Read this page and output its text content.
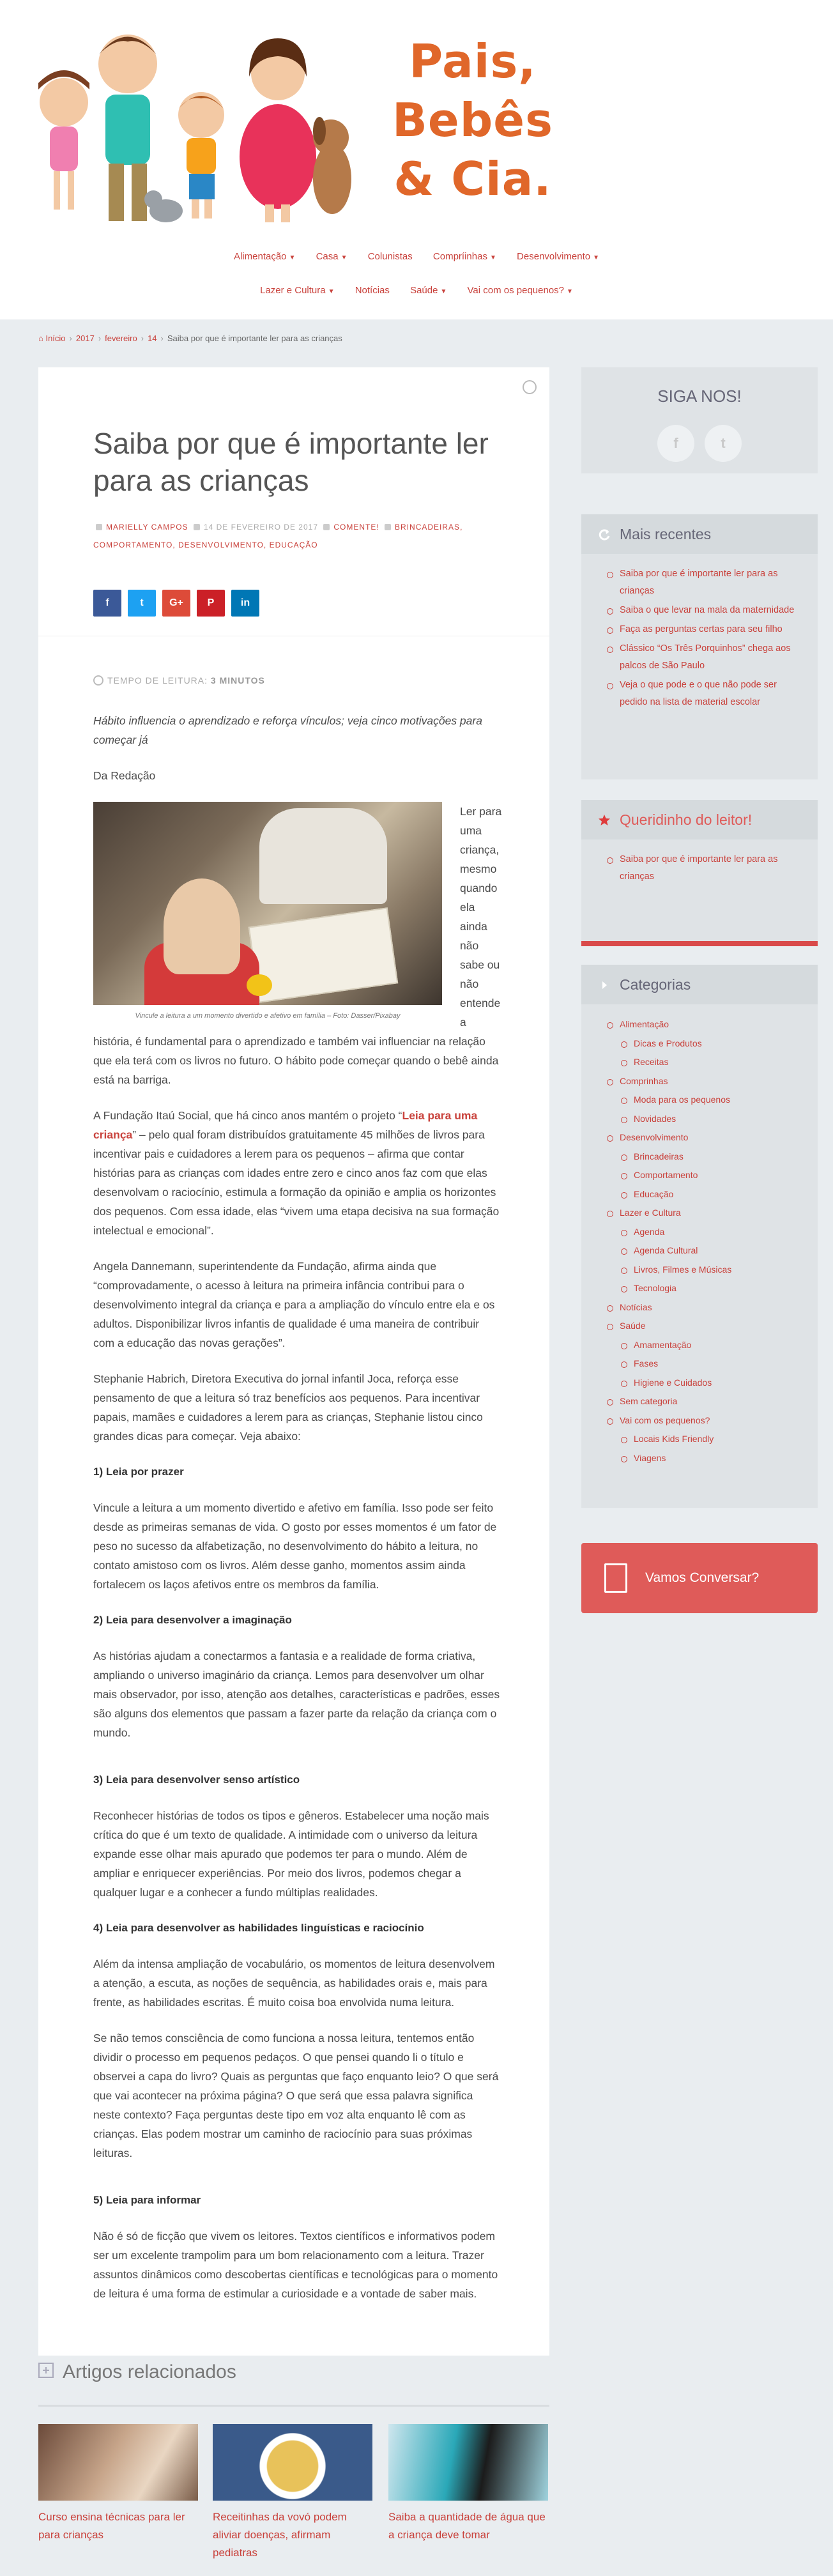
Pais, Bebês & Cia.
Alimentação ▼ Casa ▼ Colunistas Compríinhas ▼ Desenvolvimento ▼
Lazer e Cultura ▼ Notícias Saúde ▼ Vai com os pequenos? ▼
⌂ Início › 2017 › fevereiro › 14 › Saiba por que é importante ler para as crianças
Saiba por que é importante ler para as crianças
MARIELLY CAMPOS 14 DE FEVEREIRO DE 2017 COMENTE! BRINCADEIRAS, COMPORTAMENTO, DESENVOLVIMENTO, EDUCAÇÃO
f	t	G+ P	in
TEMPO DE LEITURA: 3 MINUTOS

Hábito influencia o aprendizado e reforça vínculos; veja cinco motivações para começar já

Da Redação

Vincule a leitura a um momento divertido e afetivo em família – Foto: Dasser/Pixabay

Ler para uma criança, mesmo quando ela ainda não sabe ou não entende a história, é fundamental para o aprendizado e também vai influenciar na relação que ela terá com os livros no futuro. O hábito pode começar quando o bebê ainda está na barriga.

A Fundação Itaú Social, que há cinco anos mantém o projeto “Leia para uma criança” – pelo qual foram distribuídos gratuitamente 45 milhões de livros para incentivar pais e cuidadores a lerem para os pequenos – afirma que contar histórias para as crianças com idades entre zero e cinco anos faz com que elas desenvolvam o raciocínio, estimula a formação da opinião e amplia os horizontes dos pequenos. Com essa idade, elas “vivem uma etapa decisiva na sua formação intelectual e emocional”.

Angela Dannemann, superintendente da Fundação, afirma ainda que “comprovadamente, o acesso à leitura na primeira infância contribui para o desenvolvimento integral da criança e para a ampliação do vínculo entre ela e os adultos. Disponibilizar livros infantis de qualidade é uma maneira de contribuir com a educação das novas gerações”.

Stephanie Habrich, Diretora Executiva do jornal infantil Joca, reforça esse pensamento de que a leitura só traz benefícios aos pequenos. Para incentivar papais, mamães e cuidadores a lerem para as crianças, Stephanie listou cinco grandes dicas para começar. Veja abaixo:

1) Leia por prazer

Vincule a leitura a um momento divertido e afetivo em família. Isso pode ser feito desde as primeiras semanas de vida. O gosto por esses momentos é um fator de peso no sucesso da alfabetização, no desenvolvimento do hábito a leitura, no contato amistoso com os livros. Além desse ganho, momentos assim ainda fortalecem os laços afetivos entre os membros da família.

2) Leia para desenvolver a imaginação

As histórias ajudam a conectarmos a fantasia e a realidade de forma criativa, ampliando o universo imaginário da criança. Lemos para desenvolver um olhar mais observador, por isso, atenção aos detalhes, características e padrões, esses são alguns dos elementos que passam a fazer parte da relação da criança com o mundo.

3) Leia para desenvolver senso artístico

Reconhecer histórias de todos os tipos e gêneros. Estabelecer uma noção mais crítica do que é um texto de qualidade. A intimidade com o universo da leitura expande esse olhar mais apurado que podemos ter para o mundo. Além de ampliar e enriquecer experiências. Por meio dos livros, podemos chegar a qualquer lugar e a conhecer a fundo múltiplas realidades.

4) Leia para desenvolver as habilidades linguísticas e raciocínio

Além da intensa ampliação de vocabulário, os momentos de leitura desenvolvem a atenção, a escuta, as noções de sequência, as habilidades orais e, mais para frente, as habilidades escritas. É muito coisa boa envolvida numa leitura.

Se não temos consciência de como funciona a nossa leitura, tentemos então dividir o processo em pequenos pedaços. O que pensei quando li o título e observei a capa do livro? Quais as perguntas que faço enquanto leio? O que será que vai acontecer na próxima página? O que será que essa palavra significa neste contexto? Faça perguntas deste tipo em voz alta enquanto lê com as crianças. Elas podem mostrar um caminho de raciocínio para suas próximas leituras.

5) Leia para informar

Não é só de ficção que vivem os leitores. Textos científicos e informativos podem ser um excelente trampolim para um bom relacionamento com a leitura. Trazer assuntos dinâmicos como descobertas científicas e tecnológicas para o momento de leitura é uma forma de estimular a curiosidade e a vontade de saber mais.

SIGA NOS!
f	t
Mais recentes
Saiba por que é importante ler para as crianças
Saiba o que levar na mala da maternidade
Faça as perguntas certas para seu filho
Clássico “Os Três Porquinhos” chega aos palcos de São Paulo
Veja o que pode e o que não pode ser pedido na lista de material escolar
Queridinho do leitor!
Saiba por que é importante ler para as crianças
Categorias
Alimentação
Dicas e Produtos
Receitas
Comprinhas
Moda para os pequenos
Novidades
Desenvolvimento
Brincadeiras
Comportamento
Educação
Lazer e Cultura
Agenda
Agenda Cultural
Livros, Filmes e Músicas
Tecnologia
Notícias
Saúde
Amamentação
Fases
Higiene e Cuidados
Sem categoria
Vai com os pequenos?
Locais Kids Friendly
Viagens
Vamos Conversar?
Artigos relacionados
Curso ensina técnicas para ler para crianças
Receitinhas da vovó podem aliviar doenças, afirmam pediatras
Saiba a quantidade de água que a criança deve tomar
